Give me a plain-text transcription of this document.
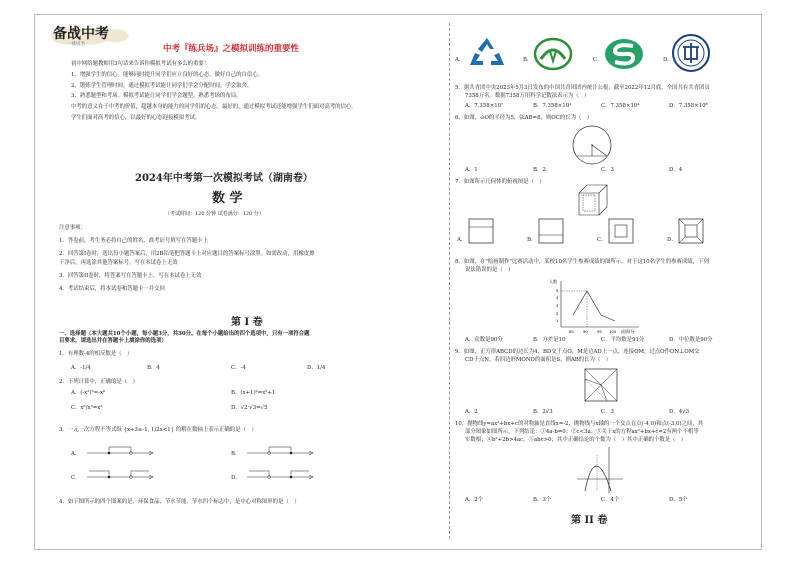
备战中考
一战成名	中考『练兵场』之模拟训练的重要性
初中网络题教师用3句话来告诉你模拟考试有多么的重要！
1、增强学生的信心。能够同时提升同学们应立良好的心态，做好自己的自信心。
2、锻炼学生管理时间。通过模拟考试能让同学们学会分配时间，学会取舍。
3、熟悉题型和考场。模拟考试能让同学们学会题型，熟悉考场的布局。
中考的意义在于中考的价值，超越本身的能力的同学们的心态。最好的，通过模拟考试还能增强学生们面对高考的信心。
学生们面对高考的信心，以最好的心态迎接模拟考试。
2024年中考第一次模拟考试（湖南卷）
数 学
（考试时间：120 分钟 试卷满分：120 分）
注意事项：
1．答卷前，考生务必将自己的姓名、准考证号填写在答题卡上
2．回答第I卷时，选出每小题答案后，用2B铅笔把答题卡上对应题目的答案标号涂黑。如需改动，用橡皮擦
干净后，再选涂其他答案标号。写在本试卷上无效
3．回答第II卷时，将答案写在答题卡上。写在本试卷上无效
4．考试结束后，将本试卷和答题卡一并交回
第 I 卷
一、选择题（本大题共10个小题，每小题3分，共30分。在每个小题给出的四个选项中，只有一项符合题
目要求，请选出并在答题卡上填涂你的选项）
1．有理数-4的相反数是（　）
A．-1/4	B．4	C．-4	D．1/4
2．下列计算中，正确的是（　）
A．(-x²)³=-x⁶	B．(x+1)²=x²+1
C．x⁶/x³=x²	D．√2·√3=√5
3．一元一次方程不等式组 {x+3≥-1, 1/2x<1} 的解在数轴上表示正确的是（　）
A．	B．
C．	D．
4．如下图所示的四个图案的是，环保食品、节水节能、节水四个标志中，是中心对称图形的是（　）
A．	B．	C．	D．
5．据共青团中央2023年5月3日发布的中国共青团团内统计公报，截至2022年12月底，全国共有共青团员
7358万名。数据7358万用科学记数法表示为（　）
A．7.358×10⁷	B．7.358×10³	C．7.358×10⁴	D．7.358×10⁸
6．如图，⊙O的半径为5，弦AB=8，则OC的长为（　）
A．1	B．2	C．3	D．4
7．如图所示几何体的俯视图是（　）
A．	B．	C．	D．
8．如图，在"绘画制作"比赛活动中，某校10名学生参赛成绩的图所示，对于这10名学生的参赛成绩，下列
说法错误的是（　）
人数
成绩/分
85 90 95 100
1
2
3
4
5
A．众数是90分	B．方差是10	C．平均数是91分	D．中位数是90分
9．如图，正方形ABCD的边长为4，BD交于点O，M是边AD上一点，连接OM，过点O作ON⊥OM交
CD于点N，若四边形MOND的面积是S，则AB的长为（　）
A．2	B．2√3	C．3	D．4√3
10．抛物线y=ax²+bx+c的对称轴是直线x=-2，抛物线与x轴的一个交点在点(-4,0)和点(-3,0)之间，其
部分图象如图所示，下列结论：①4a-b=0；②c<3a；③关于x的方程ax²+bx+c=2有两个不相等
实数根；④b²+2b>4ac，⑤abc>0；其中正确结论的个数为（　）其中正确的个数是（　）
A．2个	B．3个	C．4个	D．5个
第 II 卷
